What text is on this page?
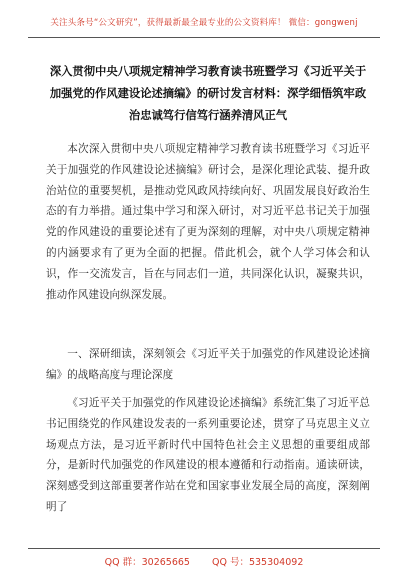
关注头条号“公文研究”，获得最新最全最专业的公文资料库！ 微信：gongwenj
深入贯彻中央八项规定精神学习教育读书班暨学习《习近平关于加强党的作风建设论述摘编》的研讨发言材料：深学细悟筑牢政治忠诚笃行信笃行涵养清风正气

本次深入贯彻中央八项规定精神学习教育读书班暨学习《习近平关于加强党的作风建设论述摘编》研讨会，是深化理论武装、提升政治站位的重要契机，是推动党风政风持续向好、巩固发展良好政治生态的有力举措。通过集中学习和深入研讨，对习近平总书记关于加强党的作风建设的重要论述有了更为深刻的理解，对中央八项规定精神的内涵要求有了更为全面的把握。借此机会，就个人学习体会和认识，作一交流发言，旨在与同志们一道，共同深化认识，凝聚共识，推动作风建设向纵深发展。

一、深研细读，深刻领会《习近平关于加强党的作风建设论述摘编》的战略高度与理论深度

《习近平关于加强党的作风建设论述摘编》系统汇集了习近平总书记围绕党的作风建设发表的一系列重要论述，贯穿了马克思主义立场观点方法，是习近平新时代中国特色社会主义思想的重要组成部分，是新时代加强党的作风建设的根本遵循和行动指南。通读研读，深刻感受到这部重要著作站在党和国家事业发展全局的高度，深刻阐明了

QQ 群：30265665 QQ 号：535304092
